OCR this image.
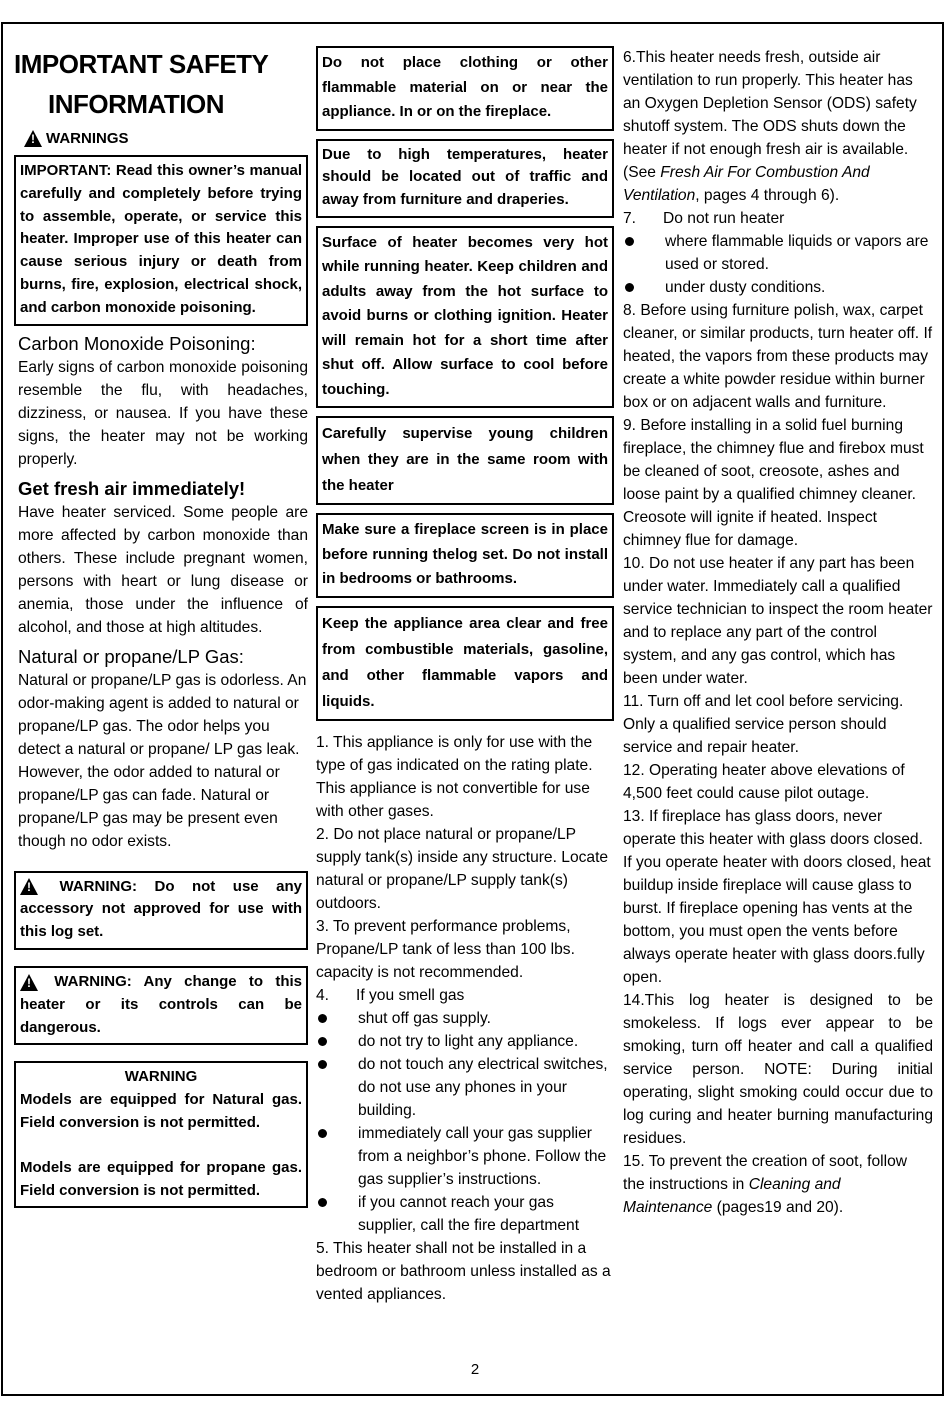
IMPORTANT SAFETY
INFORMATION
!
WARNINGS

IMPORTANT: Read this owner’s manual carefully and completely before trying to assemble, operate, or service this heater. Improper use of this heater can cause serious injury or death from burns, fire, explosion, electrical shock, and carbon monoxide poisoning.

Carbon Monoxide Poisoning:

Early signs of carbon monoxide poisoning resemble the flu, with headaches, dizziness, or nausea. If you have these signs, the heater may not be working properly.

Get fresh air immediately!

Have heater serviced. Some people are more affected by carbon monoxide than others. These include pregnant women, persons with heart or lung disease or anemia, those under the influence of alcohol, and those at high altitudes.

Natural or propane/LP Gas:

Natural or propane/LP gas is odorless. An odor-making agent is added to natural or propane/LP gas. The odor helps you detect a natural or propane/ LP gas leak. However, the odor added to natural or propane/LP gas can fade. Natural or propane/LP gas may be present even though no odor exists.

! WARNING: Do not use any accessory not approved for use with this log set.
! WARNING: Any change to this heater or its controls can be dangerous.
WARNING

Models are equipped for Natural gas. Field conversion is not permitted.

Models are equipped for propane gas. Field conversion is not permitted.

Do not place clothing or other flammable material on or near the appliance. In or on the fireplace.

Due to high temperatures, heater should be located out of traffic and away from furniture and draperies.

Surface of heater becomes very hot while running heater. Keep children and adults away from the hot surface to avoid burns or clothing ignition. Heater will remain hot for a short time after shut off. Allow surface to cool before touching.

Carefully supervise young children when they are in the same room with the heater

Make sure a fireplace screen is in place before running thelog set. Do not install in bedrooms or bathrooms.

Keep the appliance area clear and free from combustible materials, gasoline, and other flammable vapors and liquids.

1. This appliance is only for use with the type of gas indicated on the rating plate. This appliance is not convertible for use with other gases.

2. Do not place natural or propane/LP supply tank(s) inside any structure. Locate natural or propane/LP supply tank(s) outdoors.

3. To prevent performance problems, Propane/LP tank of less than 100 lbs. capacity is not recommended.

4.	If you smell gas
shut off gas supply.
do not try to light any appliance.
do not touch any electrical switches, do not use any phones in your building.
immediately call your gas supplier from a neighbor’s phone. Follow the gas supplier’s instructions.
if you cannot reach your gas supplier, call the fire department

5. This heater shall not be installed in a bedroom or bathroom unless installed as a vented appliances.

6.This heater needs fresh, outside air ventilation to run properly. This heater has an Oxygen Depletion Sensor (ODS) safety shutoff system. The ODS shuts down the heater if not enough fresh air is available. (See Fresh Air For Combustion And Ventilation, pages 4 through 6).

7.	Do not run heater
where flammable liquids or vapors are used or stored.
under dusty conditions.

8. Before using furniture polish, wax, carpet cleaner, or similar products, turn heater off. If heated, the vapors from these products may create a white powder residue within burner box or on adjacent walls and furniture.

9. Before installing in a solid fuel burning fireplace, the chimney flue and firebox must be cleaned of soot, creosote, ashes and loose paint by a qualified chimney cleaner. Creosote will ignite if heated. Inspect chimney flue for damage.

10. Do not use heater if any part has been under water. Immediately call a qualified service technician to inspect the room heater and to replace any part of the control system, and any gas control, which has been under water.

11. Turn off and let cool before servicing. Only a qualified service person should service and repair heater.

12. Operating heater above elevations of 4,500 feet could cause pilot outage.

13. If fireplace has glass doors, never operate this heater with glass doors closed. If you operate heater with doors closed, heat buildup inside fireplace will cause glass to burst. If fireplace opening has vents at the bottom, you must open the vents before always operate heater with glass doors.fully open.

14.This log heater is designed to be smokeless. If logs ever appear to be smoking, turn off heater and call a qualified service person. NOTE: During initial operating, slight smoking could occur due to log curing and heater burning manufacturing residues.

15. To prevent the creation of soot, follow the instructions in Cleaning and Maintenance (pages19 and 20).

2
